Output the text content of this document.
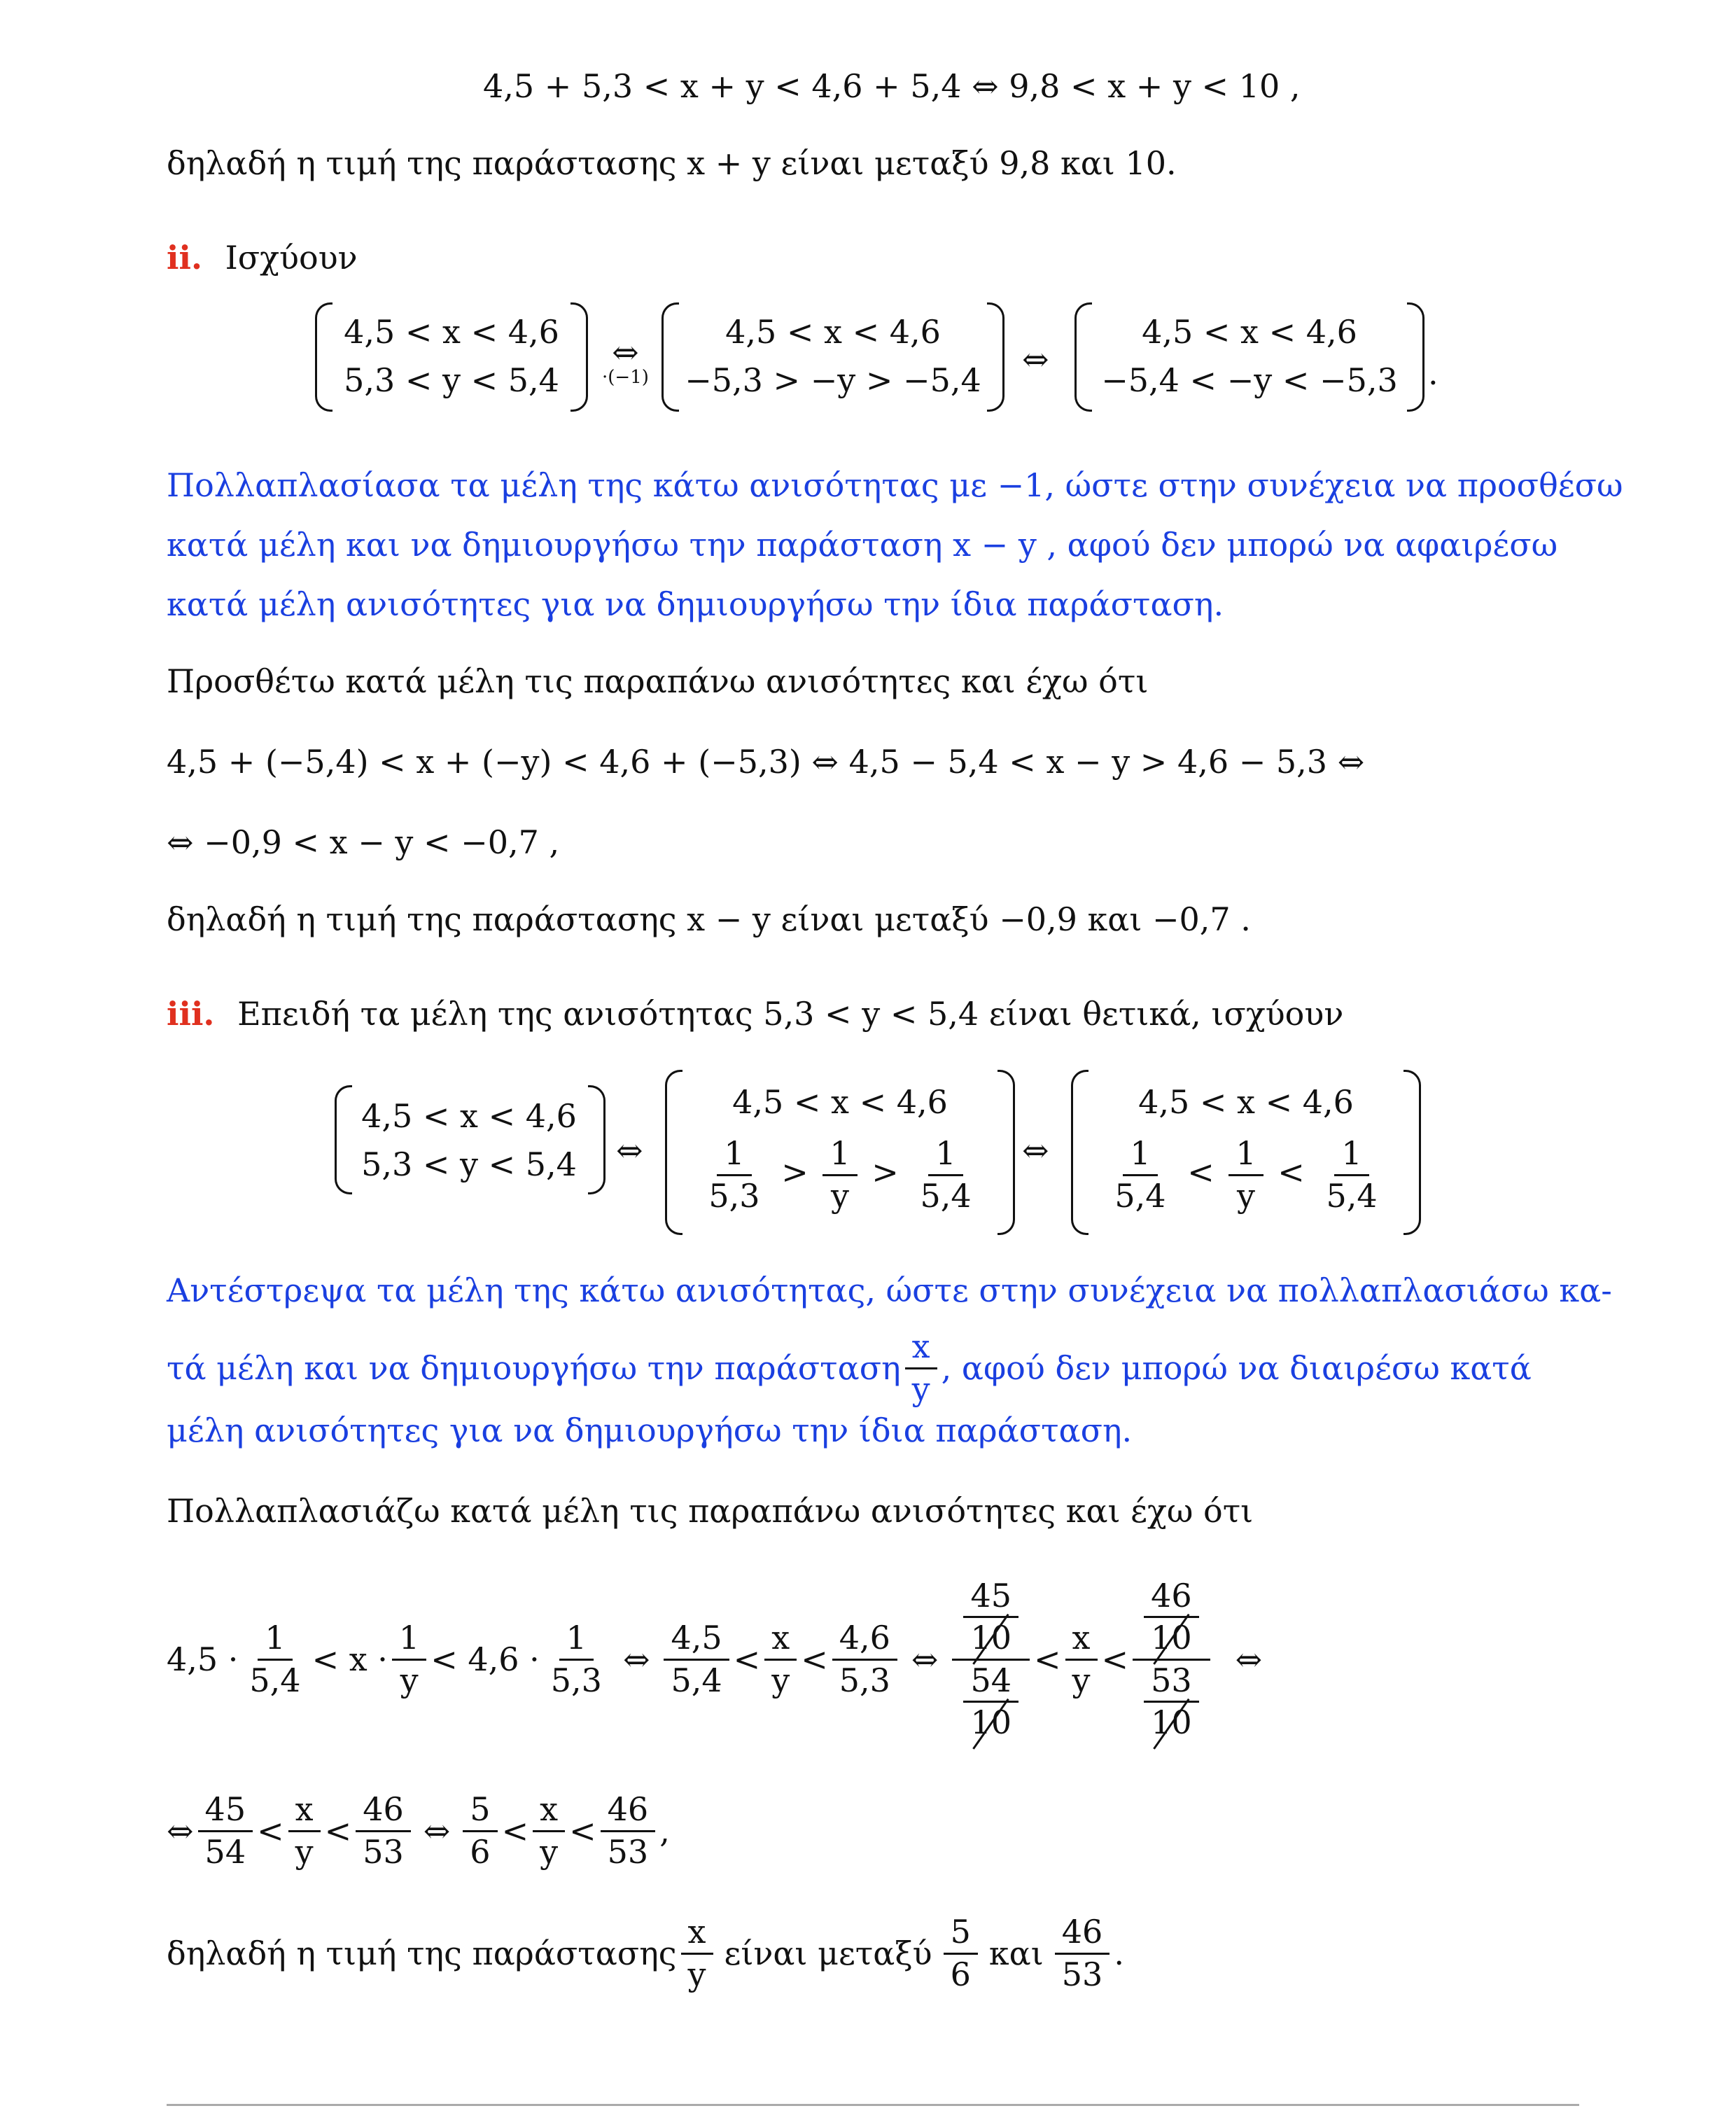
4,5 + 5,3 < x + y < 4,6 + 5,4 ⇔ 9,8 < x + y < 10 ,
δηλαδή η τιμή της παράστασης x + y είναι μεταξύ 9,8 και 10.
ii. Ισχύουν
4,5 < x < 4,6
5,3 < y < 5,4
⇔
·(−1)
4,5 < x < 4,6
−5,3 > −y > −5,4
⇔
4,5 < x < 4,6
−5,4 < −y < −5,3 .
Πολλαπλασίασα τα μέλη της κάτω ανισότητας με −1, ώστε στην συνέχεια να προσθέσω
κατά μέλη και να δημιουργήσω την παράσταση x − y , αφού δεν μπορώ να αφαιρέσω
κατά μέλη ανισότητες για να δημιουργήσω την ίδια παράσταση.
Προσθέτω κατά μέλη τις παραπάνω ανισότητες και έχω ότι
4,5 + (−5,4) < x + (−y) < 4,6 + (−5,3) ⇔ 4,5 − 5,4 < x − y > 4,6 − 5,3 ⇔
⇔ −0,9 < x − y < −0,7 ,
δηλαδή η τιμή της παράστασης x − y είναι μεταξύ −0,9 και −0,7 .
iii. Επειδή τα μέλη της ανισότητας 5,3 < y < 5,4 είναι θετικά, ισχύουν
4,5 < x < 4,6
5,3 < y < 5,4 ⇔
4,5 < x < 4,6
$\frac{1}{5,3} > \frac{1}{y} > \frac{1}{5,4}$ ⇔
4,5 < x < 4,6
$\frac{1}{5,4} < \frac{1}{y} < \frac{1}{5,4}$
Αντέστρεψα τα μέλη της κάτω ανισότητας, ώστε στην συνέχεια να πολλαπλασιάσω κα-
τά μέλη και να δημιουργήσω την παράσταση $\frac{x}{y}$ , αφού δεν μπορώ να διαιρέσω κατά
μέλη ανισότητες για να δημιουργήσω την ίδια παράσταση.
Πολλαπλασιάζω κατά μέλη τις παραπάνω ανισότητες και έχω ότι
$4,5 \cdot \frac{1}{5,4} < x \cdot \frac{1}{y} < 4,6 \cdot \frac{1}{5,3}$ ⇔ $\frac{4,5}{5,4} < \frac{x}{y} < \frac{4,6}{5,3}$ ⇔ $\frac{\frac{45}{10}}{\frac{54}{10}} < \frac{x}{y} < \frac{\frac{46}{10}}{\frac{53}{10}}$ ⇔
⇔ $\frac{45}{54} < \frac{x}{y} < \frac{46}{53}$ ⇔ $\frac{5}{6} < \frac{x}{y} < \frac{46}{53}$ ,
δηλαδή η τιμή της παράστασης $\frac{x}{y}$ είναι μεταξύ $\frac{5}{6}$ και $\frac{46}{53}$ .
